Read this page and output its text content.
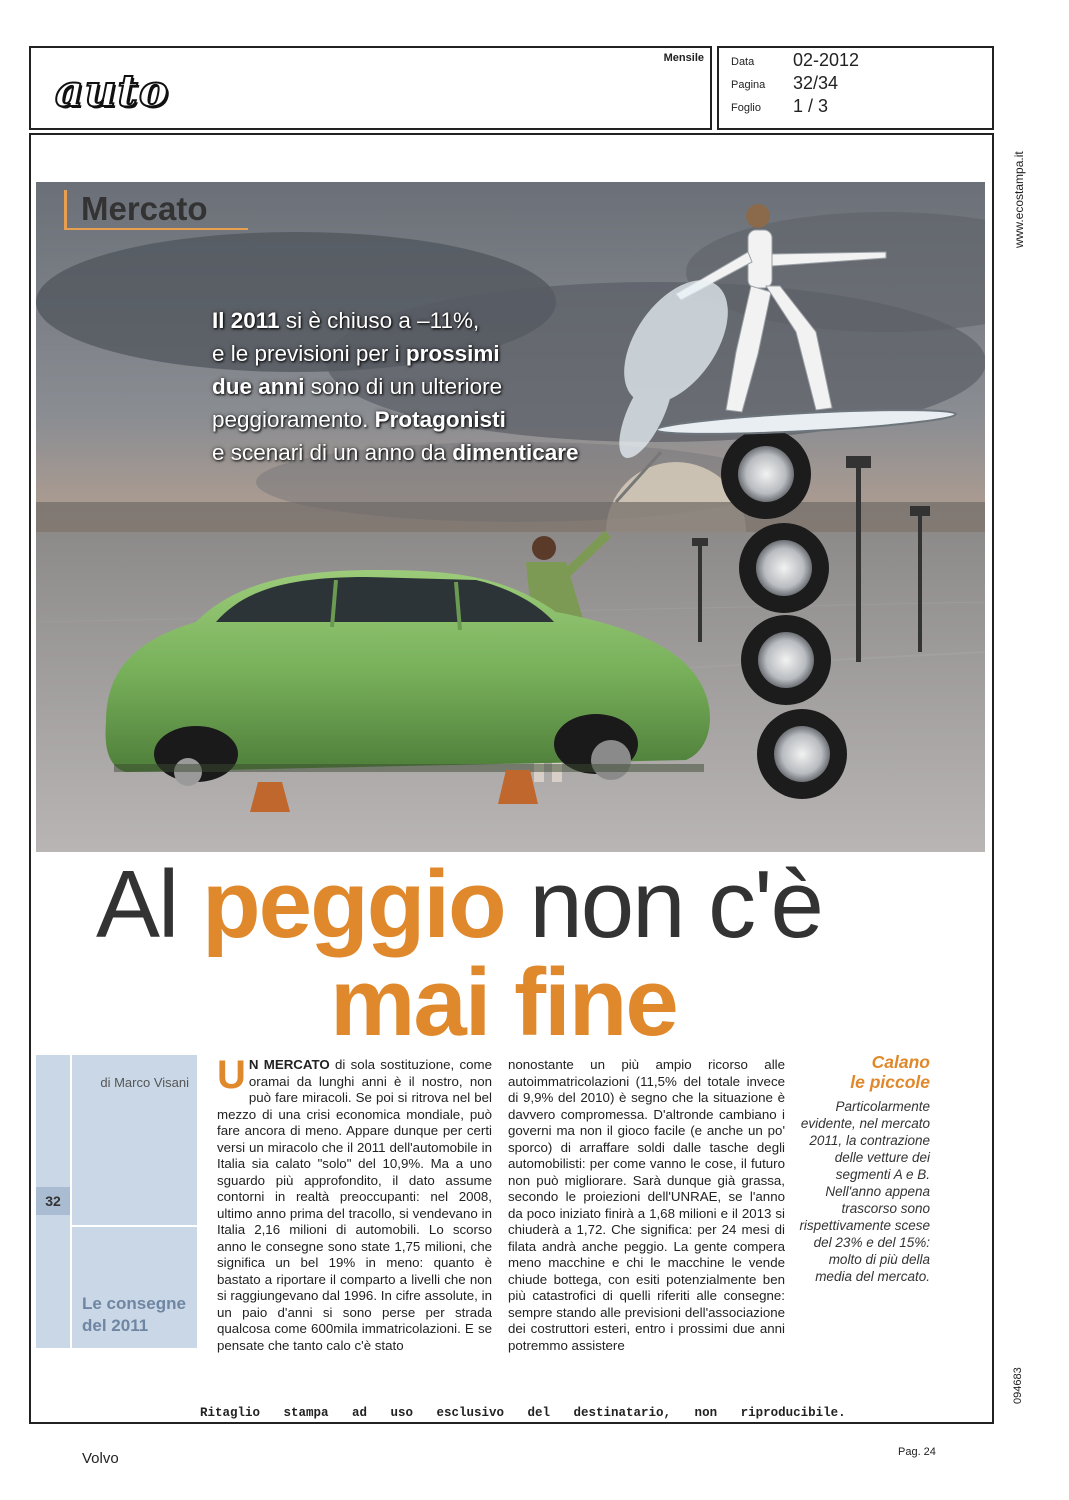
auto
Mensile Data 02-2012
Pagina 32/34
Foglio 1 / 3
www.ecostampa.it
094683
Mercato
Il 2011 si è chiuso a –11%,
e le previsioni per i prossimi
due anni sono di un ulteriore
peggioramento. Protagonisti
e scenari di un anno da dimenticare
Al peggio non c'è
mai fine
di Marco Visani
32
Le consegne
del 2011
U N MERCATO di sola sostituzione, come oramai da lunghi anni è il nostro, non può fare miracoli. Se poi si ritrova nel bel mezzo di una crisi economica mondiale, può fare ancora di meno. Appare dunque per certi versi un miracolo che il 2011 dell'automobile in Italia sia calato "solo" del 10,9%. Ma a uno sguardo più approfondito, il dato assume contorni in realtà preoccupanti: nel 2008, ultimo anno prima del tracollo, si vendevano in Italia 2,16 milioni di automobili. Lo scorso anno le consegne sono state 1,75 milioni, che significa un bel 19% in meno: quanto è bastato a riportare il comparto a livelli che non si raggiungevano dal 1996. In cifre assolute, in un paio d'anni si sono perse per strada qualcosa come 600mila immatricolazioni. E se pensate che tanto calo c'è stato
nonostante un più ampio ricorso alle autoimmatricolazioni (11,5% del totale invece di 9,9% del 2010) è segno che la situazione è davvero compromessa. D'altronde cambiano i governi ma non il gioco facile (e anche un po' sporco) di arraffare soldi dalle tasche degli automobilisti: per come vanno le cose, il futuro non può migliorare. Sarà dunque già grassa, secondo le proiezioni dell'UNRAE, se l'anno da poco iniziato finirà a 1,68 milioni e il 2013 si chiuderà a 1,72. Che significa: per 24 mesi di filata andrà anche peggio. La gente compera meno macchine e chi le macchine le vende chiude bottega, con esiti potenzialmente ben più catastrofici di quelli riferiti alle consegne: sempre stando alle previsioni dell'associazione dei costruttori esteri, entro i prossimi due anni potremmo assistere
Calano
le piccole
Particolarmente evidente, nel mercato 2011, la contrazione delle vetture dei segmenti A e B. Nell'anno appena trascorso sono rispettivamente scese del 23% e del 15%: molto di più della media del mercato.
Ritaglio stampa ad uso esclusivo del destinatario, non riproducibile.
Volvo	Pag. 24
